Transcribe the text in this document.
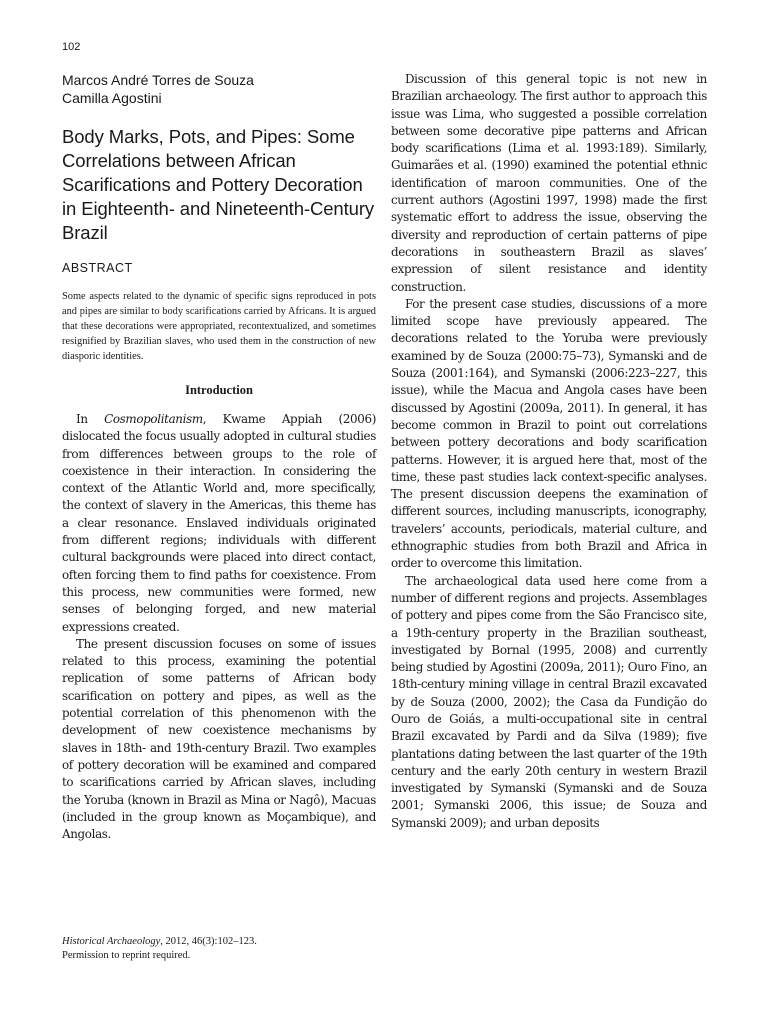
102
Marcos André Torres de Souza
Camilla Agostini
Body Marks, Pots, and Pipes: Some Correlations between African Scarifications and Pottery Decoration in Eighteenth- and Nineteenth-Century Brazil
ABSTRACT
Some aspects related to the dynamic of specific signs reproduced in pots and pipes are similar to body scarifications carried by Africans. It is argued that these decorations were appropriated, recontextualized, and sometimes resignified by Brazilian slaves, who used them in the construction of new diasporic identities.
Introduction

In Cosmopolitanism, Kwame Appiah (2006) dislocated the focus usually adopted in cultural studies from differences between groups to the role of coexistence in their interaction. In considering the context of the Atlantic World and, more specifically, the context of slavery in the Americas, this theme has a clear resonance. Enslaved individuals originated from different regions; individuals with different cultural backgrounds were placed into direct contact, often forcing them to find paths for coexistence. From this process, new communities were formed, new senses of belonging forged, and new material expressions created.

The present discussion focuses on some of issues related to this process, examining the potential replication of some patterns of African body scarification on pottery and pipes, as well as the potential correlation of this phenomenon with the development of new coexistence mechanisms by slaves in 18th- and 19th-century Brazil. Two examples of pottery decoration will be examined and compared to scarifications carried by African slaves, including the Yoruba (known in Brazil as Mina or Nagô), Macuas (included in the group known as Moçambique), and Angolas.

Discussion of this general topic is not new in Brazilian archaeology. The first author to approach this issue was Lima, who suggested a possible correlation between some decorative pipe patterns and African body scarifications (Lima et al. 1993:189). Similarly, Guimarães et al. (1990) examined the potential ethnic identification of maroon communities. One of the current authors (Agostini 1997, 1998) made the first systematic effort to address the issue, observing the diversity and reproduction of certain patterns of pipe decorations in southeastern Brazil as slaves’ expression of silent resistance and identity construction.

For the present case studies, discussions of a more limited scope have previously appeared. The decorations related to the Yoruba were previously examined by de Souza (2000:75–73), Symanski and de Souza (2001:164), and Symanski (2006:223–227, this issue), while the Macua and Angola cases have been discussed by Agostini (2009a, 2011). In general, it has become common in Brazil to point out correlations between pottery decorations and body scarification patterns. However, it is argued here that, most of the time, these past studies lack context-specific analyses. The present discussion deepens the examination of different sources, including manuscripts, iconography, travelers’ accounts, periodicals, material culture, and ethnographic studies from both Brazil and Africa in order to overcome this limitation.

The archaeological data used here come from a number of different regions and projects. Assemblages of pottery and pipes come from the São Francisco site, a 19th-century property in the Brazilian southeast, investigated by Bornal (1995, 2008) and currently being studied by Agostini (2009a, 2011); Ouro Fino, an 18th-century mining village in central Brazil excavated by de Souza (2000, 2002); the Casa da Fundição do Ouro de Goiás, a multi-occupational site in central Brazil excavated by Pardi and da Silva (1989); five plantations dating between the last quarter of the 19th century and the early 20th century in western Brazil investigated by Symanski (Symanski and de Souza 2001; Symanski 2006, this issue; de Souza and Symanski 2009); and urban deposits

Historical Archaeology, 2012, 46(3):102–123.
Permission to reprint required.
